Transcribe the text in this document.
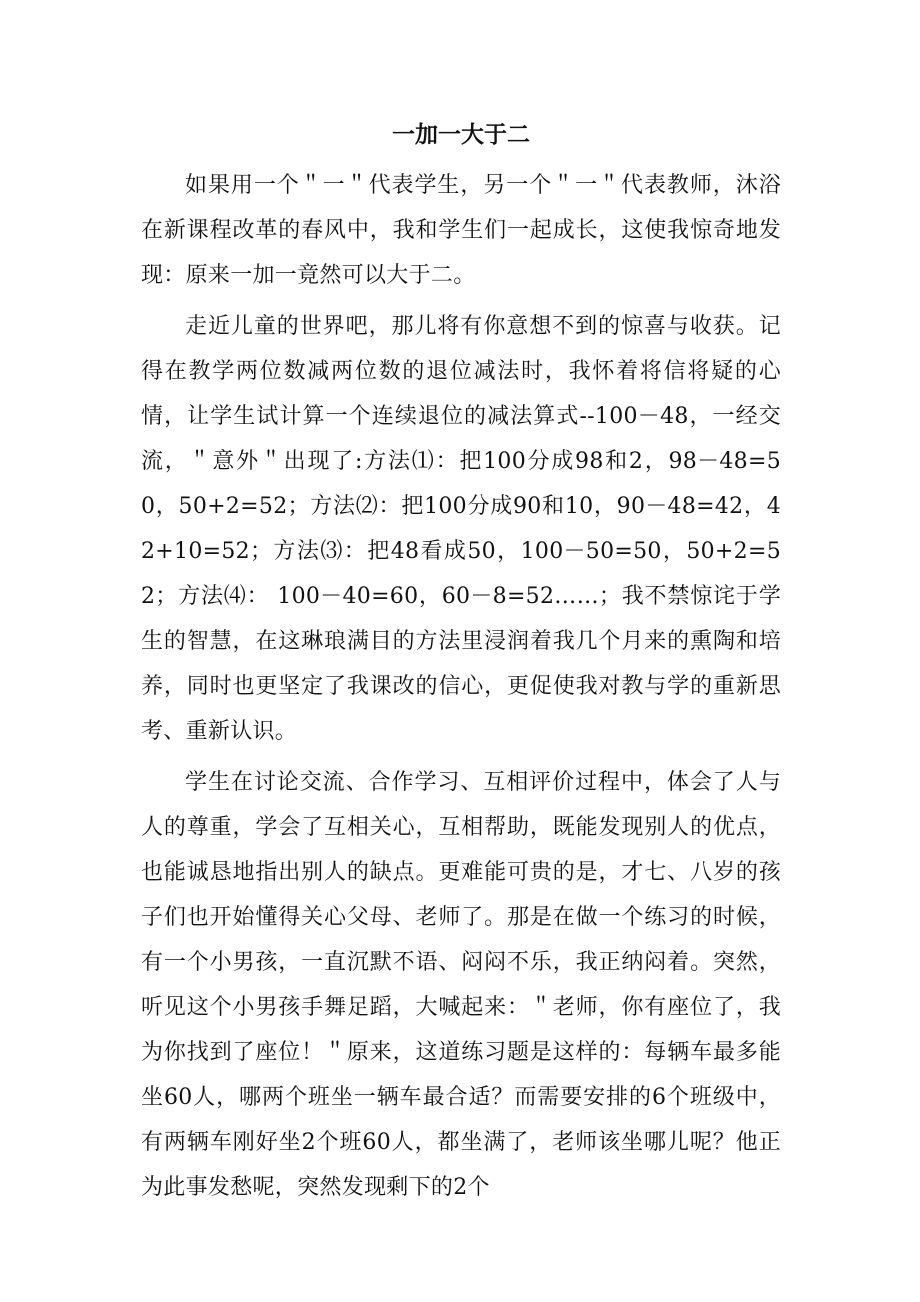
一加一大于二

如果用一个＂一＂代表学生，另一个＂一＂代表教师，沐浴在新课程改革的春风中，我和学生们一起成长，这使我惊奇地发现：原来一加一竟然可以大于二。

走近儿童的世界吧，那儿将有你意想不到的惊喜与收获。记得在教学两位数减两位数的退位减法时，我怀着将信将疑的心情，让学生试计算一个连续退位的减法算式--100－48，一经交流，＂意外＂出现了:方法⑴：把100分成98和2，98－48=50，50+2=52；方法⑵：把100分成90和10，90－48=42，42+10=52；方法⑶：把48看成50，100－50=50，50+2=52；方法⑷： 100－40=60，60－8=52……；我不禁惊诧于学生的智慧，在这琳琅满目的方法里浸润着我几个月来的熏陶和培养，同时也更坚定了我课改的信心，更促使我对教与学的重新思考、重新认识。

学生在讨论交流、合作学习、互相评价过程中，体会了人与人的尊重，学会了互相关心，互相帮助，既能发现别人的优点，也能诚恳地指出别人的缺点。更难能可贵的是，才七、八岁的孩子们也开始懂得关心父母、老师了。那是在做一个练习的时候，有一个小男孩，一直沉默不语、闷闷不乐，我正纳闷着。突然，听见这个小男孩手舞足蹈，大喊起来：＂老师，你有座位了，我为你找到了座位！＂原来，这道练习题是这样的：每辆车最多能坐60人，哪两个班坐一辆车最合适？而需要安排的6个班级中，有两辆车刚好坐2个班60人，都坐满了，老师该坐哪儿呢？他正为此事发愁呢，突然发现剩下的2个
